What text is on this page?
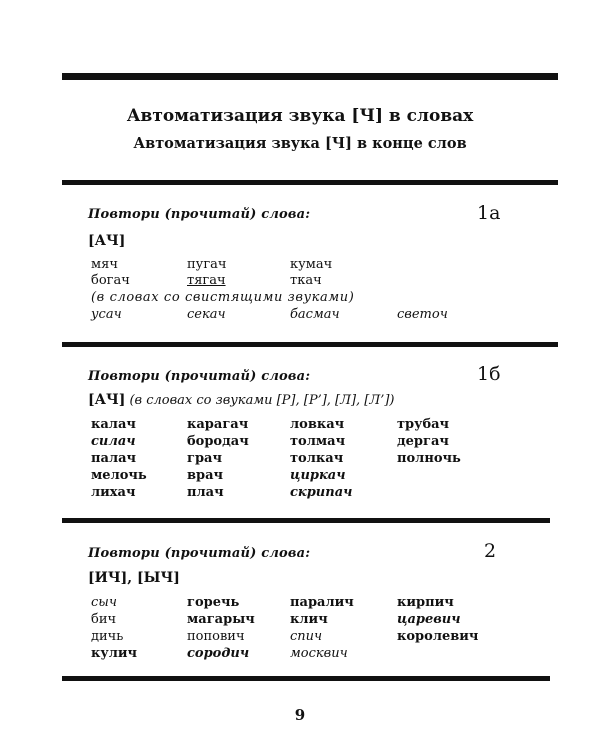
Автоматизация звука [Ч] в словах
Автоматизация звука [Ч] в конце слов
Повтори (прочитай) слова:	1а
[АЧ]
мяч	пугач	кумач
богач	тягач	ткач
(в словах со свистящими звуками)
усач	секач	басмач	светоч
Повтори (прочитай) слова:	1б
[АЧ] (в словах со звуками [Р], [Р’], [Л], [Л’])
калач	карагач	ловкач	трубач
силач	бородач	толмач	дергач
палач	грач	толкач	полночь
мелочь	врач	циркач
лихач	плач	скрипач
Повтори (прочитай) слова:	2
[ИЧ], [ЫЧ]
сыч	горечь	паралич	кирпич
бич	магарыч	клич	царевич
дичь	попович	спич	королевич
кулич	сородич	москвич
9
